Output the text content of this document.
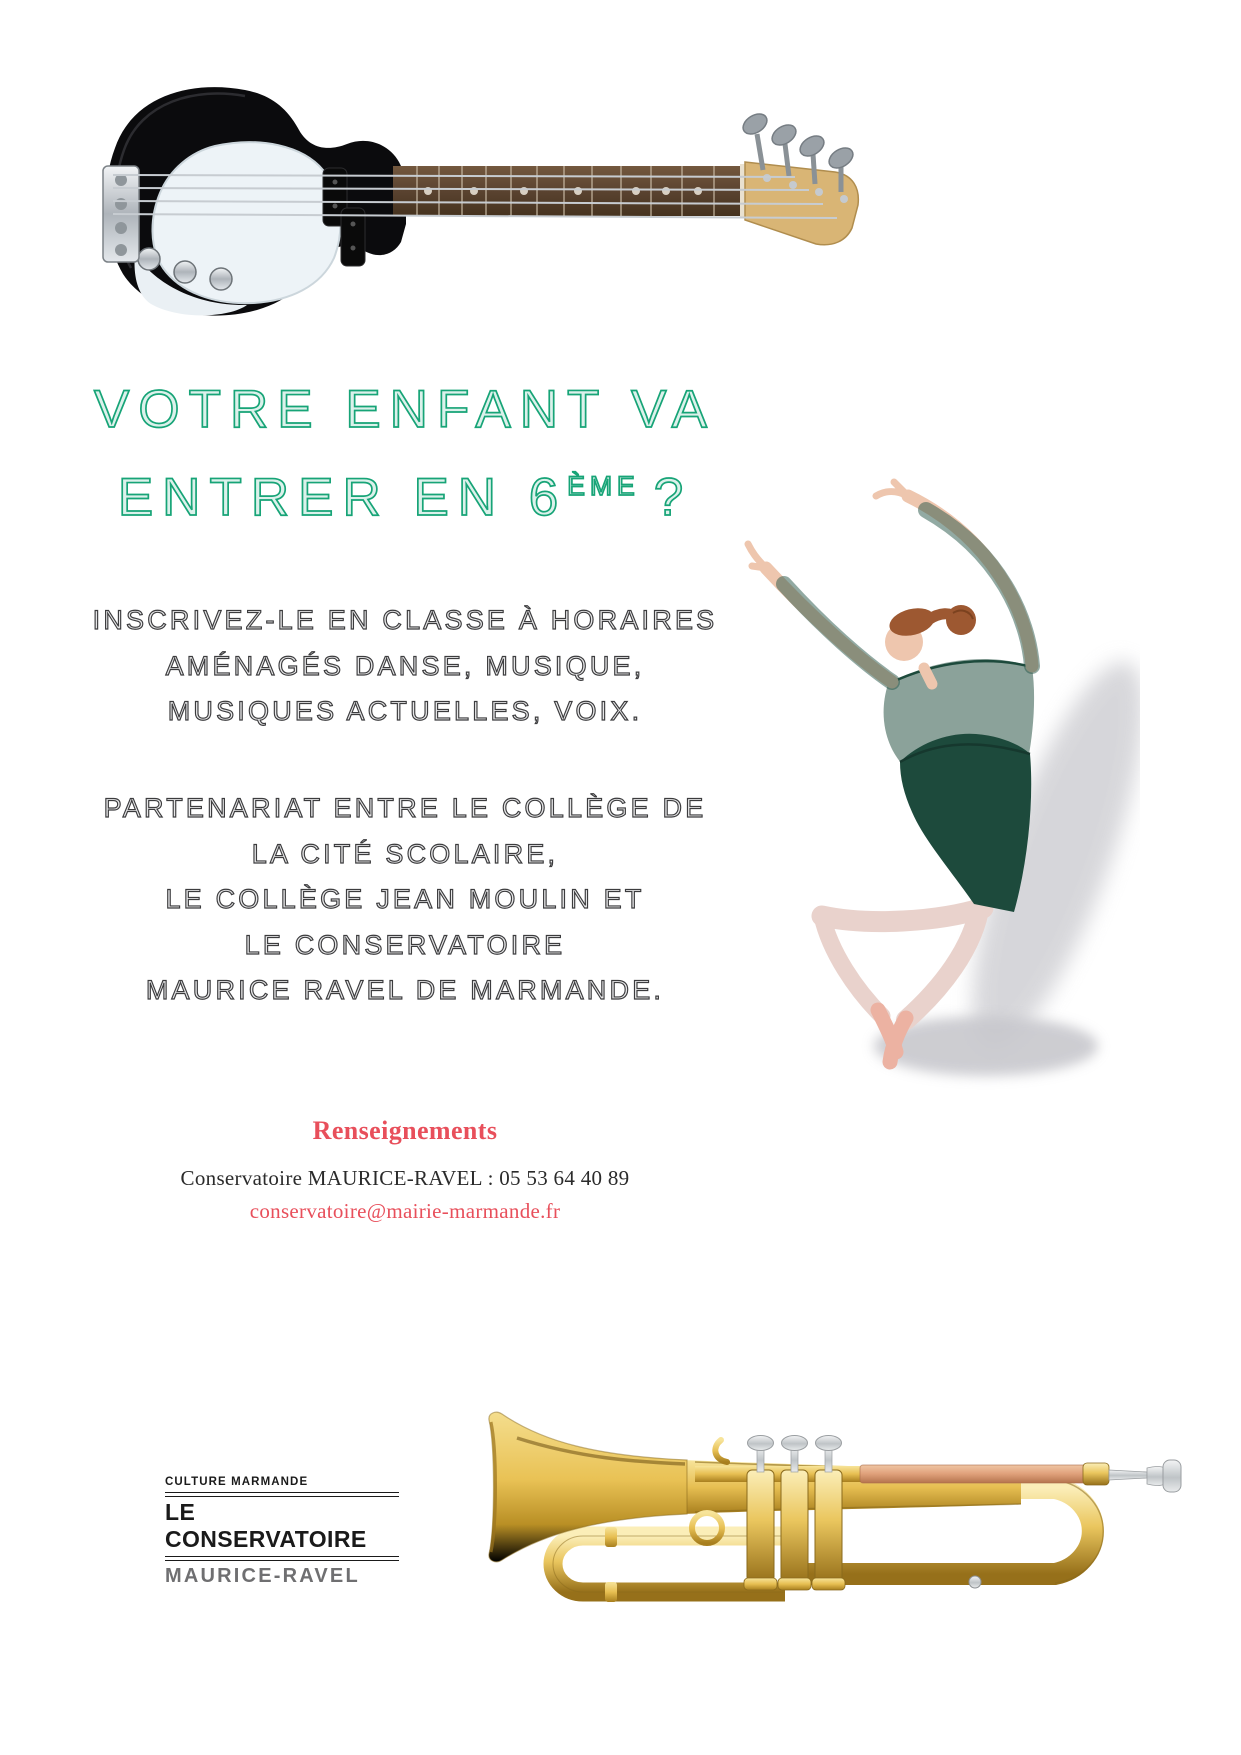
VOTRE ENFANT VA
ENTRER EN 6ÈME ?
INSCRIVEZ-LE EN CLASSE À HORAIRES
AMÉNAGÉS DANSE, MUSIQUE,
MUSIQUES ACTUELLES, VOIX.
PARTENARIAT ENTRE LE COLLÈGE DE
LA CITÉ SCOLAIRE,
LE COLLÈGE JEAN MOULIN ET
LE CONSERVATOIRE
MAURICE RAVEL DE MARMANDE.
Renseignements
Conservatoire MAURICE-RAVEL : 05 53 64 40 89
conservatoire@mairie-marmande.fr
CULTURE MARMANDE
LE CONSERVATOIRE
MAURICE-RAVEL
